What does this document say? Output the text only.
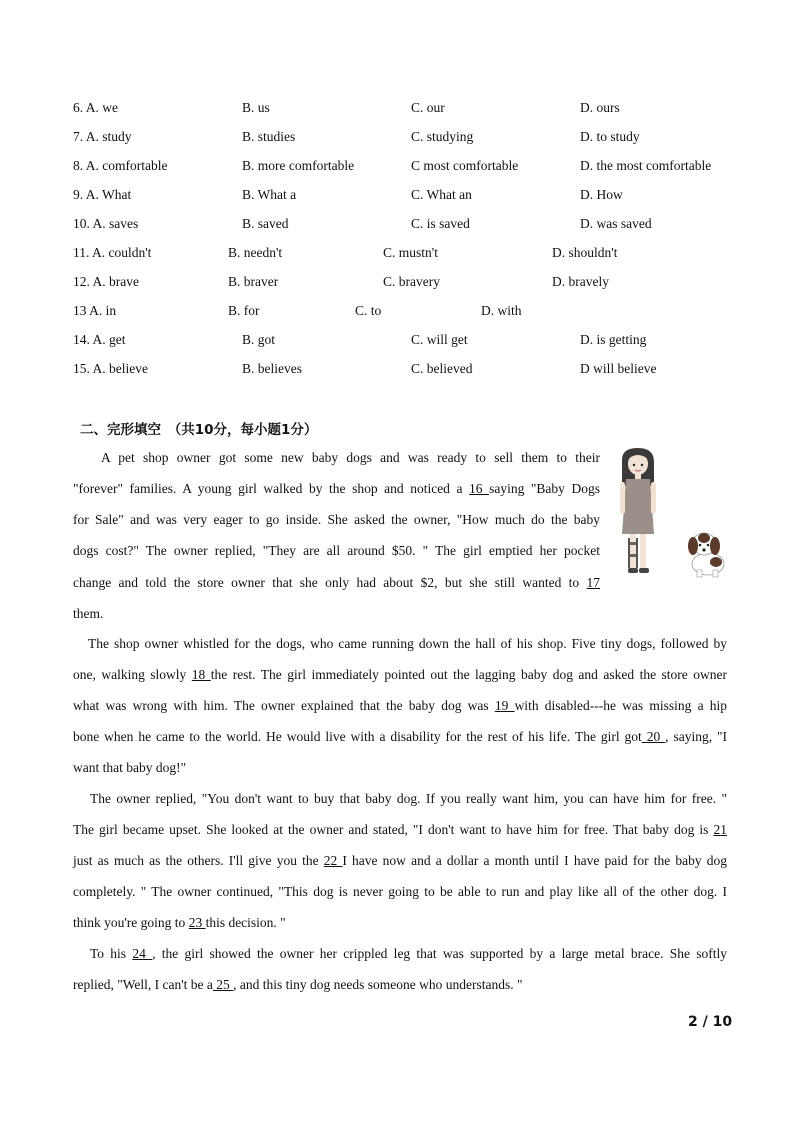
6. A. we	B. us	C. our	D. ours
7. A. study	B. studies	C. studying	D. to study
8. A. comfortable	B. more comfortable	C most comfortable	D. the most comfortable
9. A. What	B. What a	C. What an	D. How
10. A. saves	B. saved	C. is saved	D. was saved
11. A. couldn't	B. needn't	C. mustn't	D. shouldn't
12. A. brave	B. braver	C. bravery	D. bravely
13 A. in	B. for	C. to	D. with
14. A. get	B. got	C. will get	D. is getting
15. A. believe	B. believes	C. believed	D will believe
二、完形填空　（共10分，每小题1分）
A pet shop owner got some new baby dogs and was ready to sell them to their
"forever" families. A young girl walked by the shop and noticed a 16 saying "Baby Dogs
for Sale" and was very eager to go inside. She asked the owner, "How much do the baby
dogs cost?" The owner replied, "They are all around $50. " The girl emptied her pocket
change and told the store owner that she only had about $2, but she still wanted to 17
them.
The shop owner whistled for the dogs, who came running down the hall of his shop. Five tiny dogs, followed by
one, walking slowly 18 the rest. The girl immediately pointed out the lagging baby dog and asked the store owner
what was wrong with him. The owner explained that the baby dog was 19 with disabled---he was missing a hip
bone when he came to the world. He would live with a disability for the rest of his life. The girl got 20 , saying, "I
want that baby dog!"
The owner replied, "You don't want to buy that baby dog. If you really want him, you can have him for free. "
The girl became upset. She looked at the owner and stated, "I don't want to have him for free. That baby dog is 21
just as much as the others. I'll give you the 22 I have now and a dollar a month until I have paid for the baby dog
completely. " The owner continued, "This dog is never going to be able to run and play like all of the other dog. I
think you're going to 23 this decision. "
To his 24 , the girl showed the owner her crippled leg that was supported by a large metal brace. She softly
replied, "Well, I can't be a 25 , and this tiny dog needs someone who understands. "
2 / 10
